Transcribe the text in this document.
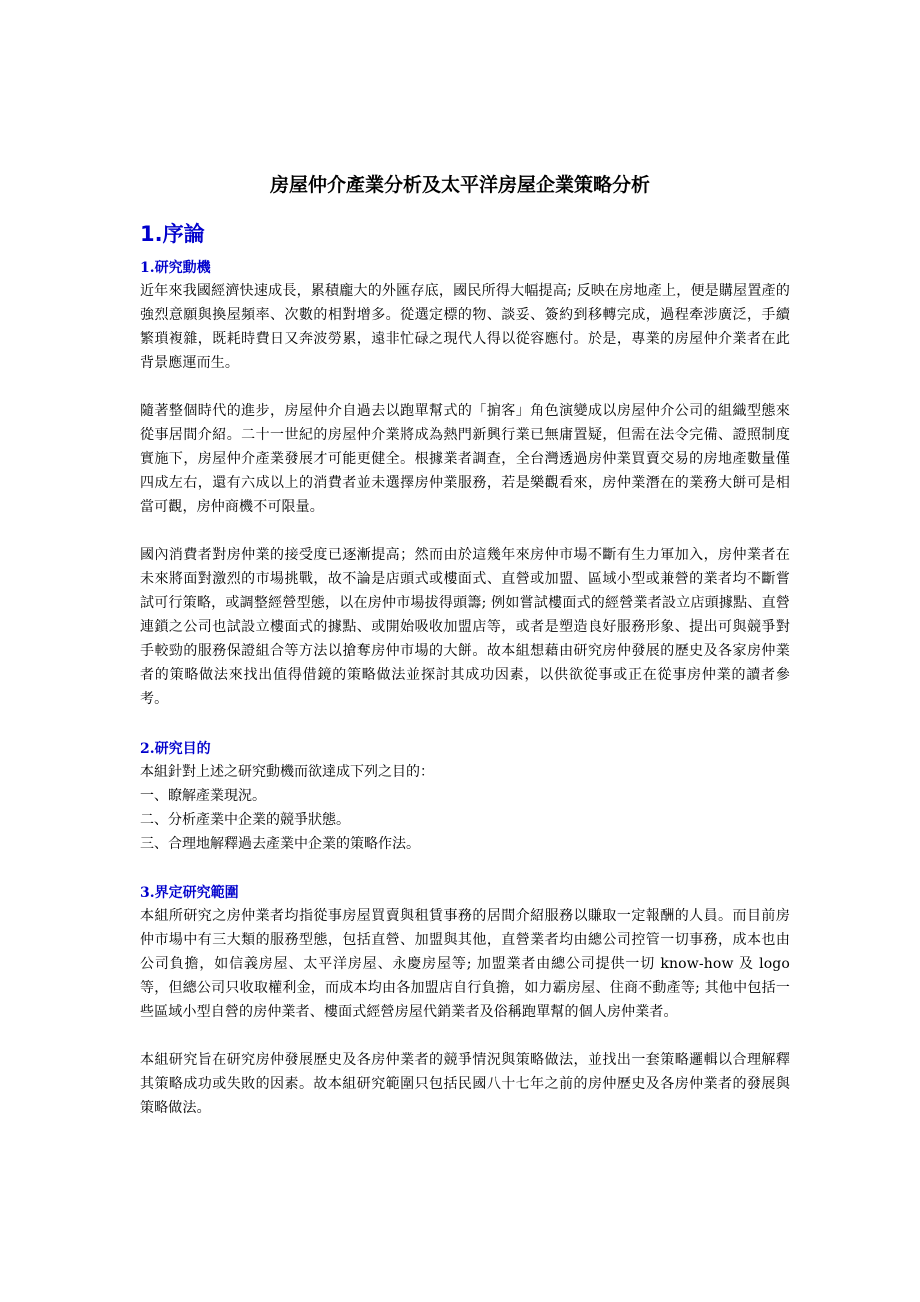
房屋仲介產業分析及太平洋房屋企業策略分析
1.序論
1.研究動機

近年來我國經濟快速成長，累積龐大的外匯存底，國民所得大幅提高; 反映在房地產上，便是購屋置產的強烈意願與換屋頻率、次數的相對增多。從選定標的物、談妥、簽約到移轉完成，過程牽涉廣泛，手續繁瑣複雜，既耗時費日又奔波勞累，遠非忙碌之現代人得以從容應付。於是，專業的房屋仲介業者在此背景應運而生。

隨著整個時代的進步，房屋仲介自過去以跑單幫式的「掮客」角色演變成以房屋仲介公司的組織型態來從事居間介紹。二十一世紀的房屋仲介業將成為熱門新興行業已無庸置疑，但需在法令完備、證照制度實施下，房屋仲介產業發展才可能更健全。根據業者調查，全台灣透過房仲業買賣交易的房地產數量僅四成左右，還有六成以上的消費者並未選擇房仲業服務，若是樂觀看來，房仲業潛在的業務大餅可是相當可觀，房仲商機不可限量。

國內消費者對房仲業的接受度已逐漸提高；然而由於這幾年來房仲市場不斷有生力軍加入，房仲業者在未來將面對激烈的市場挑戰，故不論是店頭式或樓面式、直營或加盟、區域小型或兼營的業者均不斷嘗試可行策略，或調整經營型態，以在房仲市場拔得頭籌; 例如嘗試樓面式的經營業者設立店頭據點、直營連鎖之公司也試設立樓面式的據點、或開始吸收加盟店等，或者是塑造良好服務形象、提出可與競爭對手較勁的服務保證組合等方法以搶奪房仲市場的大餅。故本組想藉由研究房仲發展的歷史及各家房仲業者的策略做法來找出值得借鏡的策略做法並探討其成功因素，以供欲從事或正在從事房仲業的讀者參考。

2.研究目的

本組針對上述之研究動機而欲達成下列之目的：

一、瞭解產業現況。

二、分析產業中企業的競爭狀態。

三、合理地解釋過去產業中企業的策略作法。

3.界定研究範圍

本組所研究之房仲業者均指從事房屋買賣與租賃事務的居間介紹服務以賺取一定報酬的人員。而目前房仲市場中有三大類的服務型態，包括直營、加盟與其他，直營業者均由總公司控管一切事務，成本也由公司負擔，如信義房屋、太平洋房屋、永慶房屋等; 加盟業者由總公司提供一切 know-how 及 logo 等，但總公司只收取權利金，而成本均由各加盟店自行負擔，如力霸房屋、住商不動產等; 其他中包括一些區域小型自營的房仲業者、樓面式經營房屋代銷業者及俗稱跑單幫的個人房仲業者。

本組研究旨在研究房仲發展歷史及各房仲業者的競爭情況與策略做法，並找出一套策略邏輯以合理解釋其策略成功或失敗的因素。故本組研究範圍只包括民國八十七年之前的房仲歷史及各房仲業者的發展與策略做法。
